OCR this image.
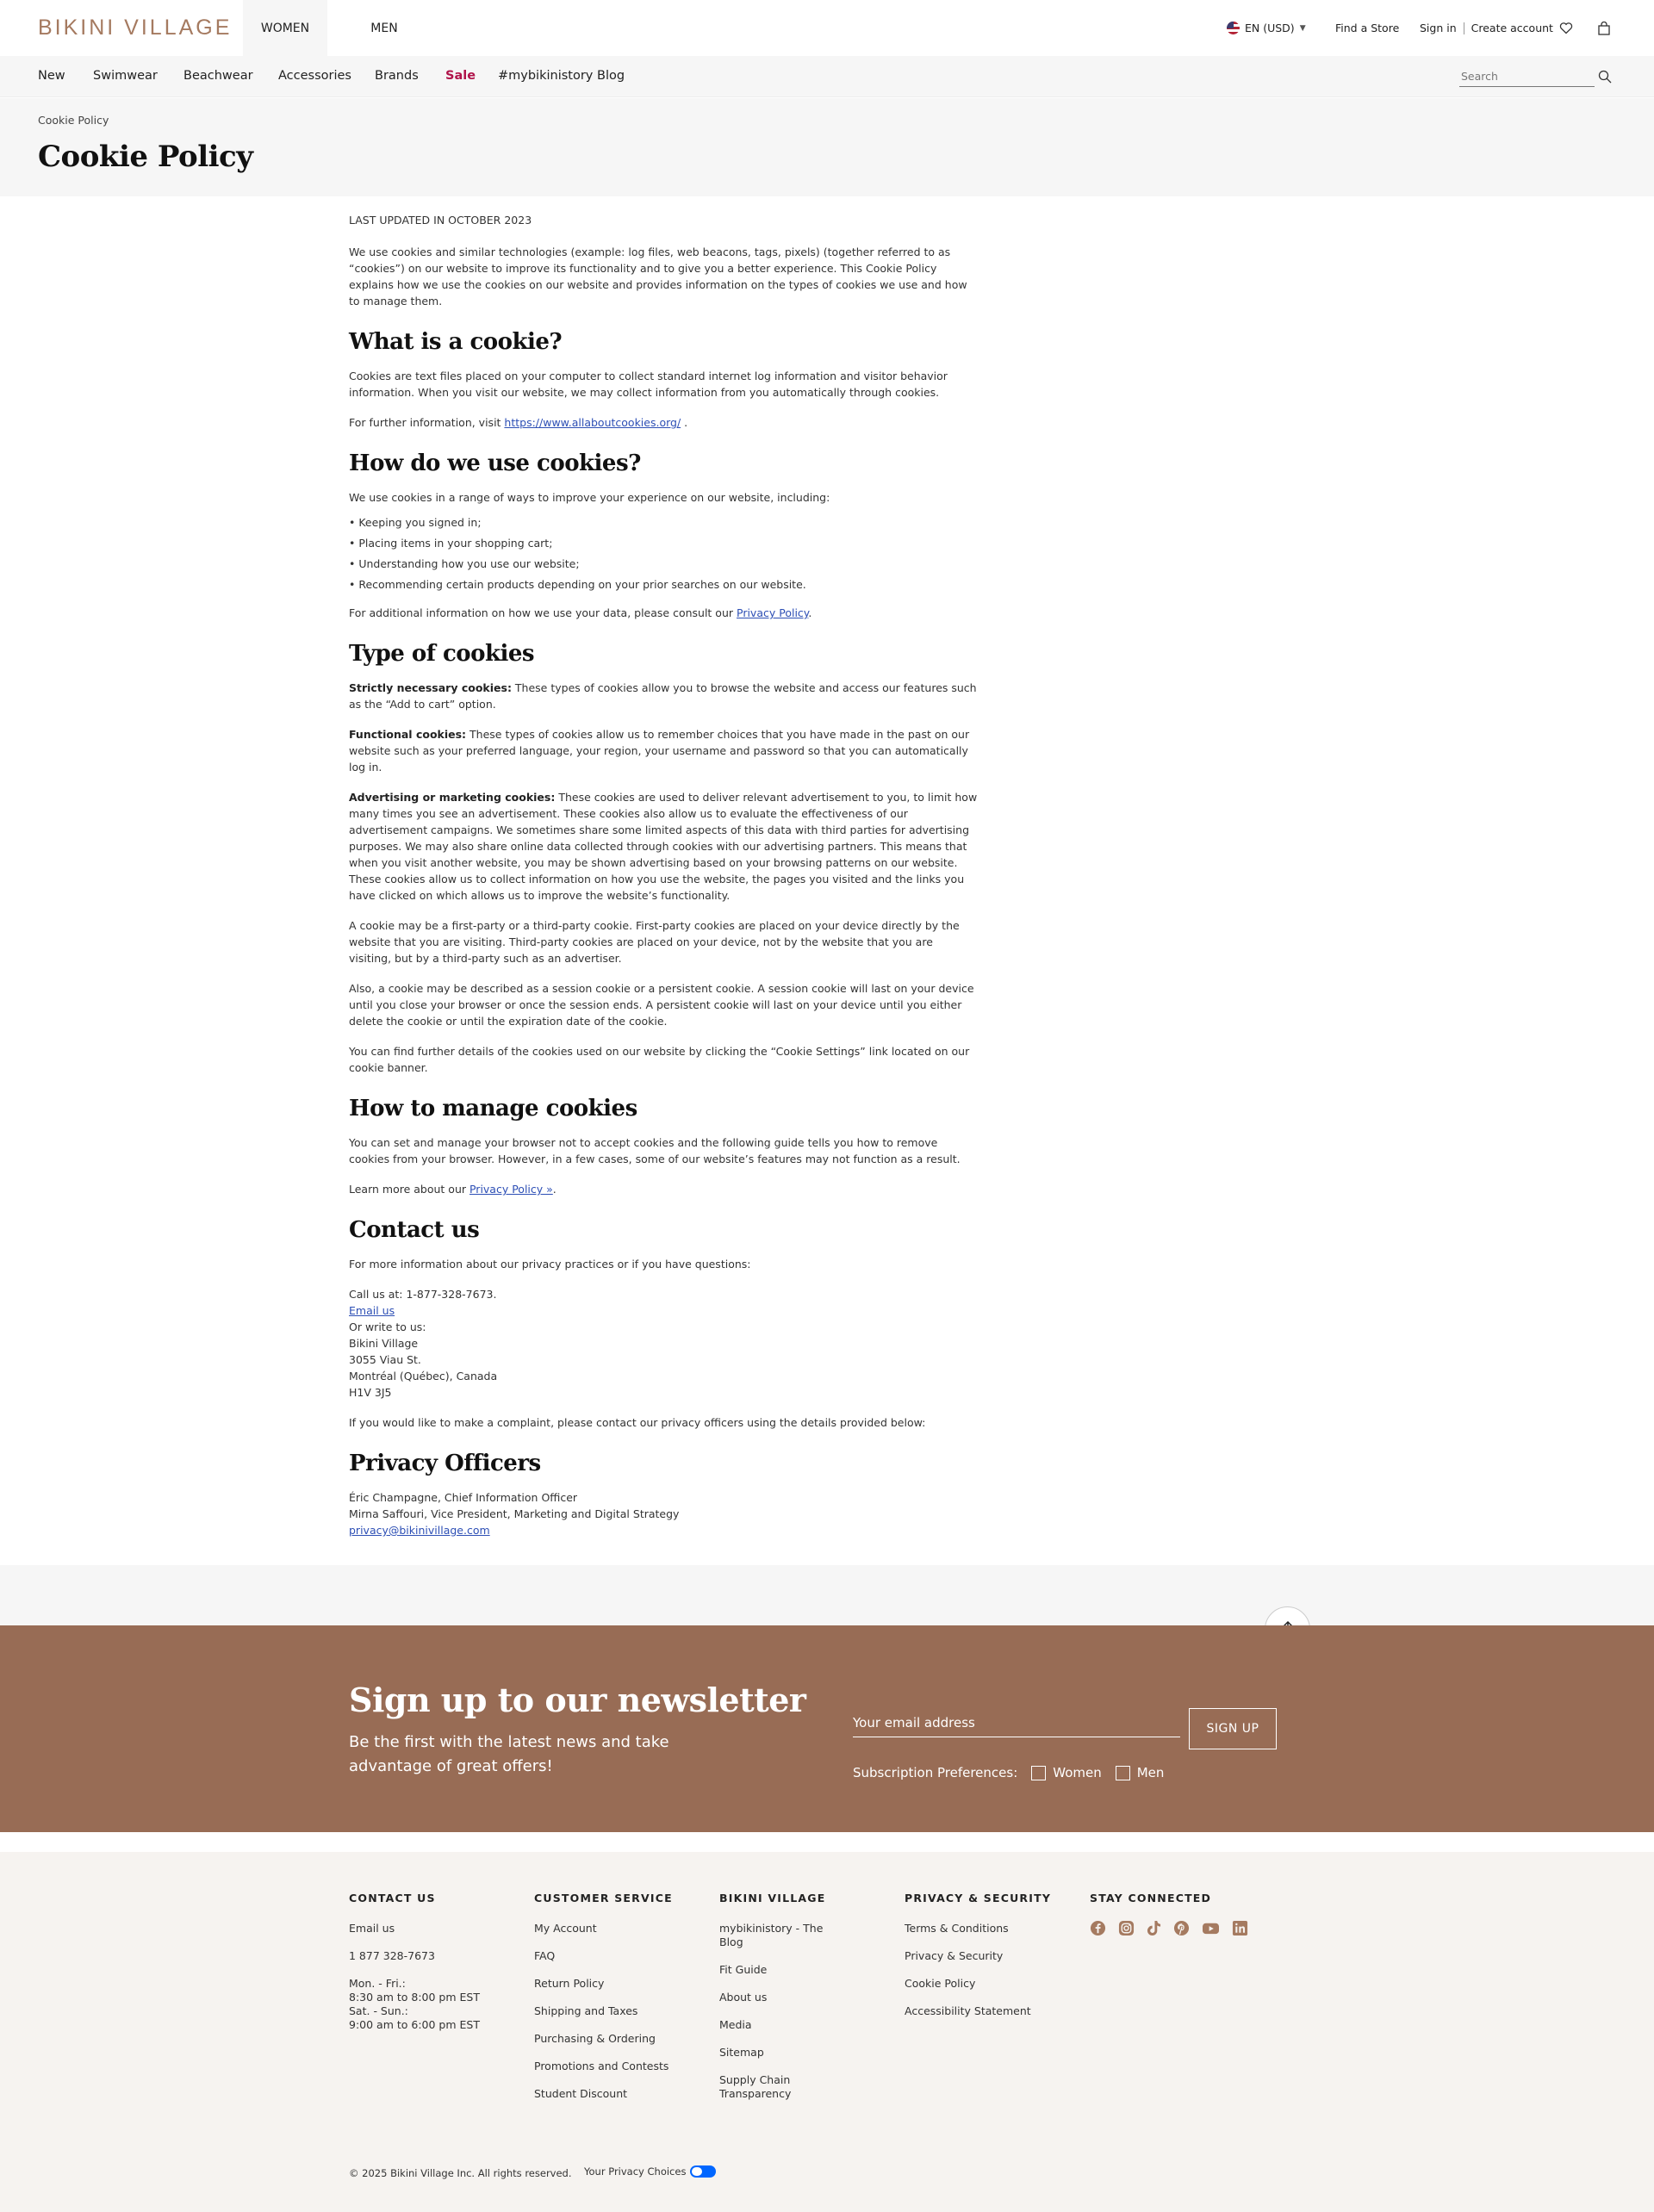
BIKINI VILLAGE	WOMEN	MEN	EN (USD) ▼	Find a Store Sign in Create account
New Swimwear Beachwear Accessories Brands Sale #mybikinistory Blog
Search
Cookie Policy
Cookie Policy

LAST UPDATED IN OCTOBER 2023

We use cookies and similar technologies (example: log files, web beacons, tags, pixels) (together referred to as “cookies”) on our website to improve its functionality and to give you a better experience. This Cookie Policy explains how we use the cookies on our website and provides information on the types of cookies we use and how to manage them.

What is a cookie?

Cookies are text files placed on your computer to collect standard internet log information and visitor behavior information. When you visit our website, we may collect information from you automatically through cookies.

For further information, visit https://www.allaboutcookies.org/ .

How do we use cookies?

We use cookies in a range of ways to improve your experience on our website, including:

• Keeping you signed in;
• Placing items in your shopping cart;
• Understanding how you use our website;
• Recommending certain products depending on your prior searches on our website.

For additional information on how we use your data, please consult our Privacy Policy.

Type of cookies

Strictly necessary cookies: These types of cookies allow you to browse the website and access our features such as the “Add to cart” option.

Functional cookies: These types of cookies allow us to remember choices that you have made in the past on our website such as your preferred language, your region, your username and password so that you can automatically log in.

Advertising or marketing cookies: These cookies are used to deliver relevant advertisement to you, to limit how many times you see an advertisement. These cookies also allow us to evaluate the effectiveness of our advertisement campaigns. We sometimes share some limited aspects of this data with third parties for advertising purposes. We may also share online data collected through cookies with our advertising partners. This means that when you visit another website, you may be shown advertising based on your browsing patterns on our website. These cookies allow us to collect information on how you use the website, the pages you visited and the links you have clicked on which allows us to improve the website’s functionality.

A cookie may be a first-party or a third-party cookie. First-party cookies are placed on your device directly by the website that you are visiting. Third-party cookies are placed on your device, not by the website that you are visiting, but by a third-party such as an advertiser.

Also, a cookie may be described as a session cookie or a persistent cookie. A session cookie will last on your device until you close your browser or once the session ends. A persistent cookie will last on your device until you either delete the cookie or until the expiration date of the cookie.

You can find further details of the cookies used on our website by clicking the “Cookie Settings” link located on our cookie banner.

How to manage cookies

You can set and manage your browser not to accept cookies and the following guide tells you how to remove cookies from your browser. However, in a few cases, some of our website’s features may not function as a result.

Learn more about our Privacy Policy ».

Contact us

For more information about our privacy practices or if you have questions:

Call us at: 1-877-328-7673.
Email us
Or write to us:
Bikini Village
3055 Viau St.
Montréal (Québec), Canada
H1V 3J5

If you would like to make a complaint, please contact our privacy officers using the details provided below:

Privacy Officers
Éric Champagne, Chief Information Officer
Mirna Saffouri, Vice President, Marketing and Digital Strategy
privacy@bikinivillage.com
Sign up to our newsletter
Be the first with the latest news and take advantage of great offers!
Your email address
SIGN UP
Subscription Preferences:	Women	Men
CONTACT US
Email us
1 877 328-7673
Mon. - Fri.:
8:30 am to 8:00 pm EST
Sat. - Sun.:
9:00 am to 6:00 pm EST
CUSTOMER SERVICE
My Account
FAQ
Return Policy
Shipping and Taxes
Purchasing & Ordering
Promotions and Contests
Student Discount
BIKINI VILLAGE
mybikinistory - The Blog
Fit Guide
About us
Media
Sitemap
Supply Chain Transparency
PRIVACY & SECURITY
Terms & Conditions
Privacy & Security
Cookie Policy
Accessibility Statement
STAY CONNECTED
© 2025 Bikini Village Inc. All rights reserved. Your Privacy Choices
